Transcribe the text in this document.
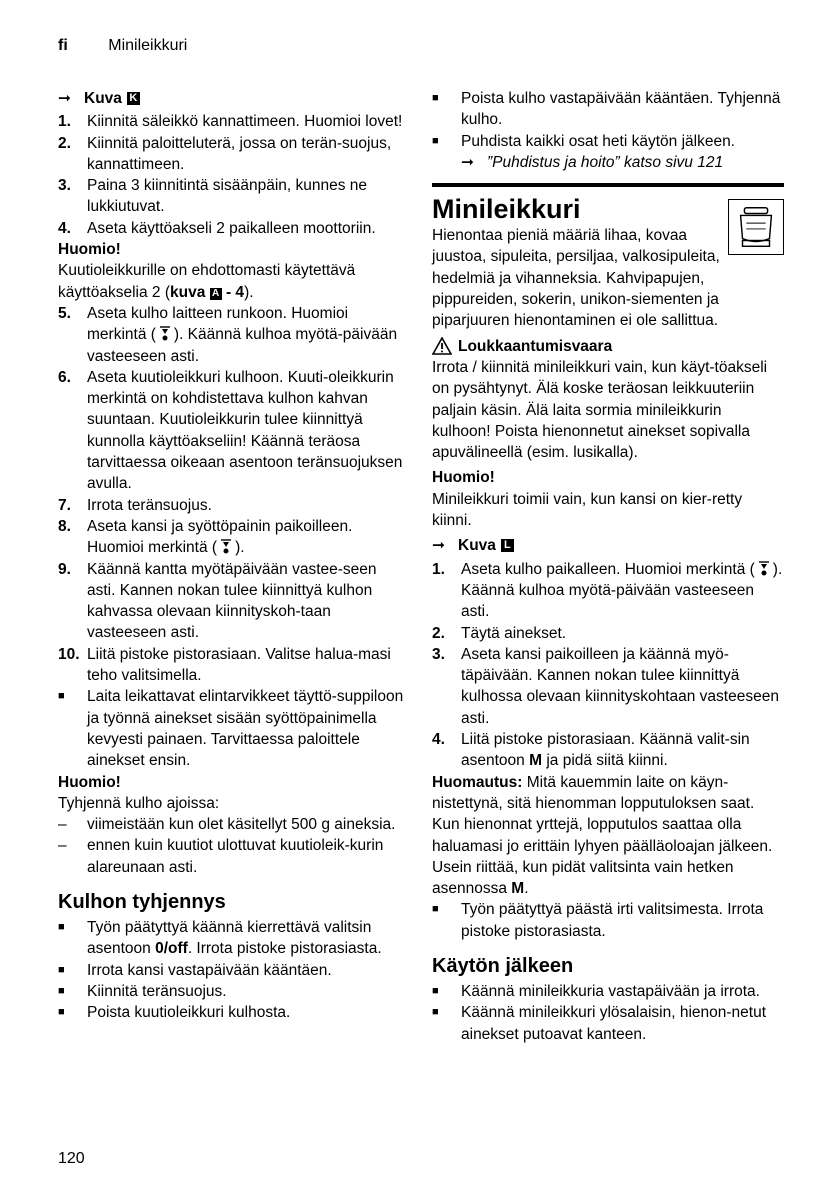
fi	Minileikkuri
➞ Kuva K
1.	Kiinnitä säleikkö kannattimeen. Huomioi lovet!
2.	Kiinnitä paloitteluterä, jossa on terän-suojus, kannattimeen.
3.	Paina 3 kiinnitintä sisäänpäin, kunnes ne lukkiutuvat.
4.	Aseta käyttöakseli 2 paikalleen moottoriin.
Huomio!
Kuutioleikkurille on ehdottomasti käytettävä käyttöakselia 2 (kuva A - 4).
5.	Aseta kulho laitteen runkoon. Huomioi merkintä ( ). Käännä kulhoa myötä-päivään vasteeseen asti.
6.	Aseta kuutioleikkuri kulhoon. Kuuti-oleikkurin merkintä on kohdistettava kulhon kahvan suuntaan. Kuutioleikkurin tulee kiinnittyä kunnolla käyttöakseliin! Käännä teräosa tarvittaessa oikeaan asentoon teränsuojuksen avulla.
7.	Irrota teränsuojus.
8.	Aseta kansi ja syöttöpainin paikoilleen. Huomioi merkintä ( ).
9.	Käännä kantta myötäpäivään vastee-seen asti. Kannen nokan tulee kiinnittyä kulhon kahvassa olevaan kiinnityskoh-taan vasteeseen asti.
10. Liitä pistoke pistorasiaan. Valitse halua-masi teho valitsimella.
■	Laita leikattavat elintarvikkeet täyttö-suppiloon ja työnnä ainekset sisään syöttöpainimella kevyesti painaen. Tarvittaessa paloittele ainekset ensin.
Huomio!
Tyhjennä kulho ajoissa:
–	viimeistään kun olet käsitellyt 500 g aineksia.
–	ennen kuin kuutiot ulottuvat kuutioleik-kurin alareunaan asti.
Kulhon tyhjennys
■	Työn päätyttyä käännä kierrettävä valitsin asentoon 0/off. Irrota pistoke pistorasiasta.
■	Irrota kansi vastapäivään kääntäen.
■	Kiinnitä teränsuojus.
■	Poista kuutioleikkuri kulhosta.
■	Poista kulho vastapäivään kääntäen. Tyhjennä kulho.
■	Puhdista kaikki osat heti käytön jälkeen.
➞ ”Puhdistus ja hoito” katso sivu 121
Minileikkuri
Hienontaa pieniä määriä lihaa, kovaa juustoa, sipuleita, persiljaa, valkosipuleita, hedelmiä ja vihanneksia. Kahvipapujen, pippureiden, sokerin, unikon-siementen ja piparjuuren hienontaminen ei ole sallittua.
Loukkaantumisvaara
Irrota / kiinnitä minileikkuri vain, kun käyt-töakseli on pysähtynyt. Älä koske teräosan leikkuuteriin paljain käsin. Älä laita sormia minileikkurin kulhoon! Poista hienonnetut ainekset sopivalla apuvälineellä (esim. lusikalla).
Huomio!
Minileikkuri toimii vain, kun kansi on kier-retty kiinni.
➞ Kuva L
1.	Aseta kulho paikalleen. Huomioi merkintä ( ). Käännä kulhoa myötä-päivään vasteeseen asti.
2.	Täytä ainekset.
3.	Aseta kansi paikoilleen ja käännä myö-täpäivään. Kannen nokan tulee kiinnittyä kulhossa olevaan kiinnityskohtaan vasteeseen asti.
4.	Liitä pistoke pistorasiaan. Käännä valit-sin asentoon M ja pidä siitä kiinni.
Huomautus: Mitä kauemmin laite on käyn-nistettynä, sitä hienomman lopputuloksen saat. Kun hienonnat yrttejä, lopputulos saattaa olla haluamasi jo erittäin lyhyen päälläoloajan jälkeen. Usein riittää, kun pidät valitsinta vain hetken asennossa M.
■	Työn päätyttyä päästä irti valitsimesta. Irrota pistoke pistorasiasta.
Käytön jälkeen
■	Käännä minileikkuria vastapäivään ja irrota.
■	Käännä minileikkuri ylösalaisin, hienon-netut ainekset putoavat kanteen.
120
